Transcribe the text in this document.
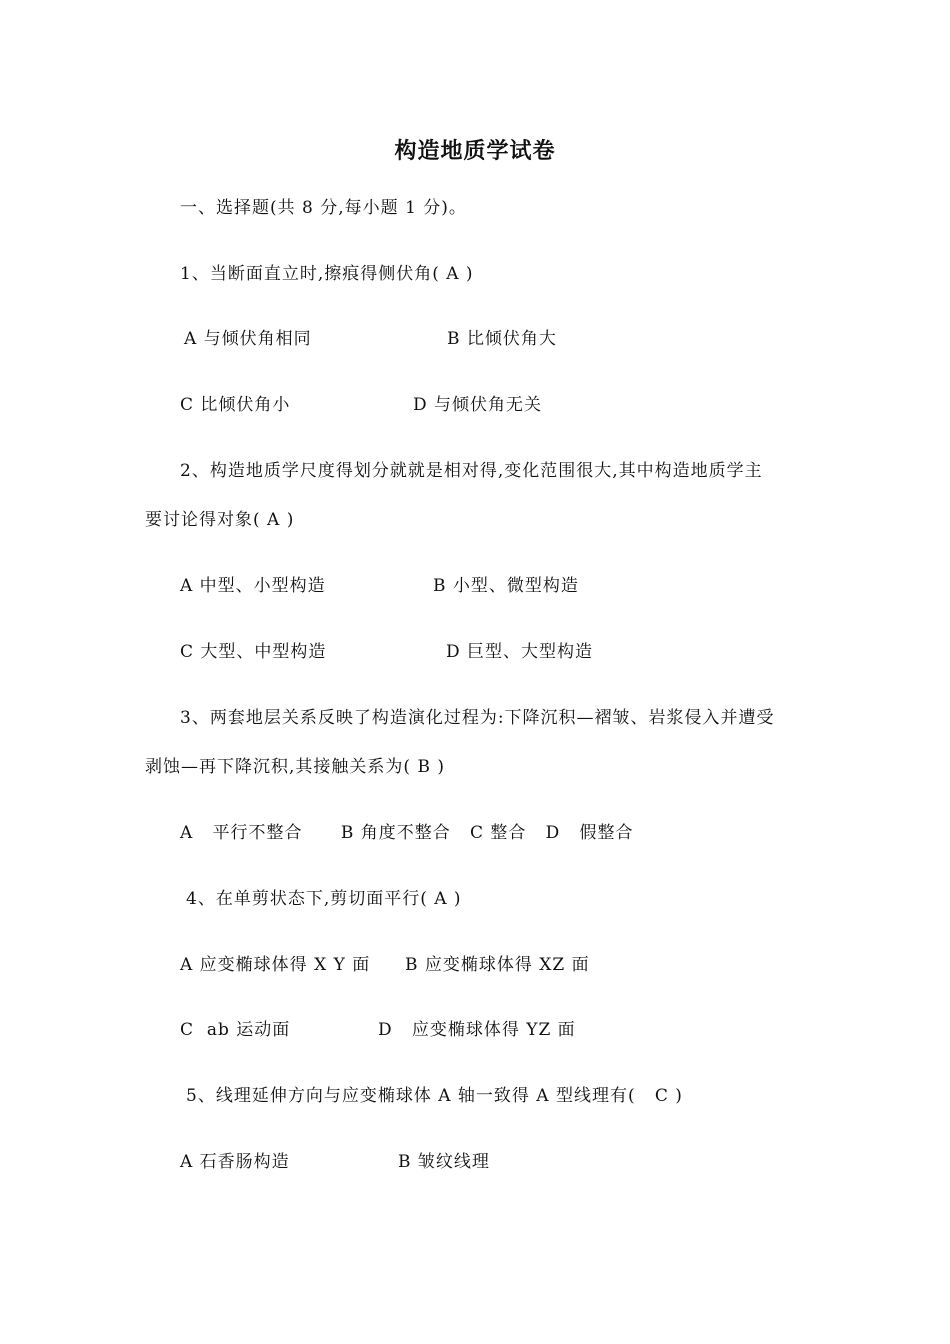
构造地质学试卷
一、选择题(共 8 分,每小题 1 分)。
1、当断面直立时,擦痕得侧伏角( A )
A 与倾伏角相同	B 比倾伏角大
C 比倾伏角小	D 与倾伏角无关
2、构造地质学尺度得划分就就是相对得,变化范围很大,其中构造地质学主
要讨论得对象( A )
A 中型、小型构造	B 小型、微型构造
C 大型、中型构造	D 巨型、大型构造
3、两套地层关系反映了构造演化过程为:下降沉积—褶皱、岩浆侵入并遭受
剥蚀—再下降沉积,其接触关系为( B )
A   平行不整合      B 角度不整合   C 整合   D   假整合
4、在单剪状态下,剪切面平行( A )
A 应变椭球体得 X Y 面 B 应变椭球体得 XZ 面
C  ab 运动面	D   应变椭球体得 YZ 面
5、线理延伸方向与应变椭球体 A 轴一致得 A 型线理有(   C )
A 石香肠构造	B 皱纹线理
